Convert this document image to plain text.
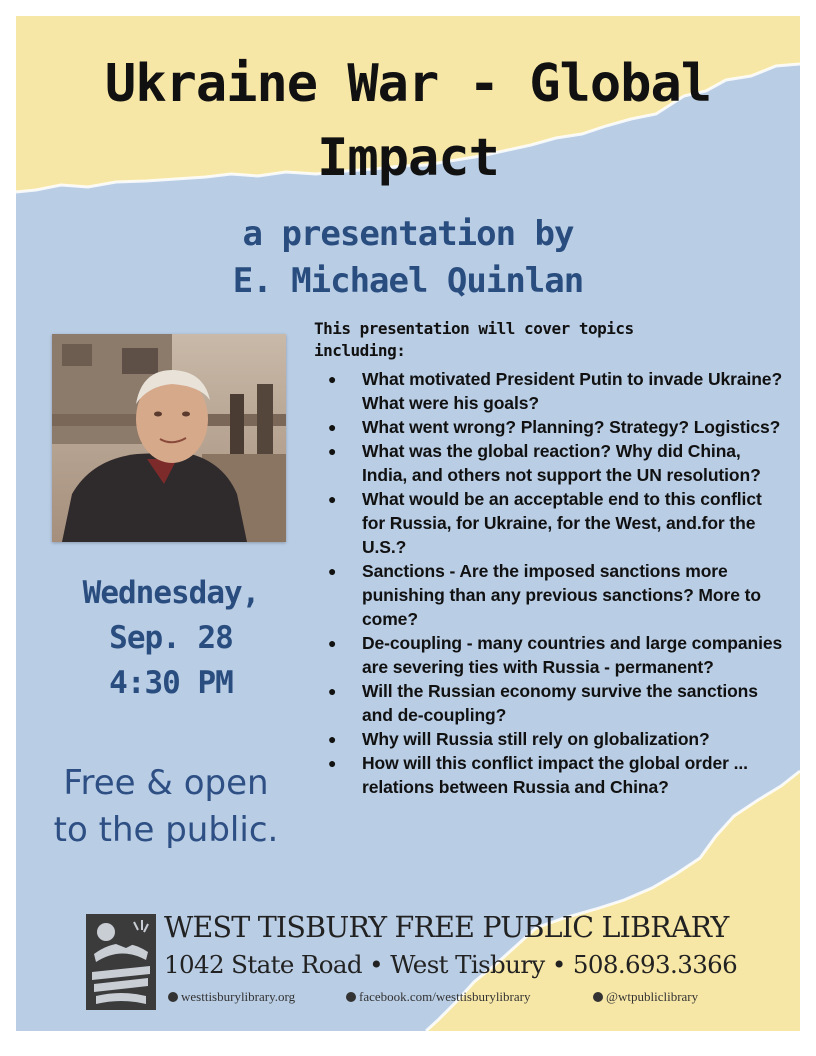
Ukraine War - Global
Impact
a presentation by
E. Michael Quinlan
Wednesday,
Sep. 28
4:30 PM
Free & open
to the public.
This presentation will cover topics
including:
● What motivated President Putin to invade Ukraine? What were his goals?
● What went wrong? Planning? Strategy? Logistics?
● What was the global reaction? Why did China, India, and others not support the UN resolution?
● What would be an acceptable end to this conflict for Russia, for Ukraine, for the West, and.for the U.S.?
● Sanctions - Are the imposed sanctions more punishing than any previous sanctions? More to come?
● De-coupling - many countries and large companies are severing ties with Russia - permanent?
● Will the Russian economy survive the sanctions and de-coupling?
● Why will Russia still rely on globalization?
● How will this conflict impact the global order ... relations between Russia and China?
WEST TISBURY FREE PUBLIC LIBRARY
1042 State Road • West Tisbury • 508.693.3366
westtisburylibrary.org	facebook.com/westtisburylibrary	@wtpubliclibrary
